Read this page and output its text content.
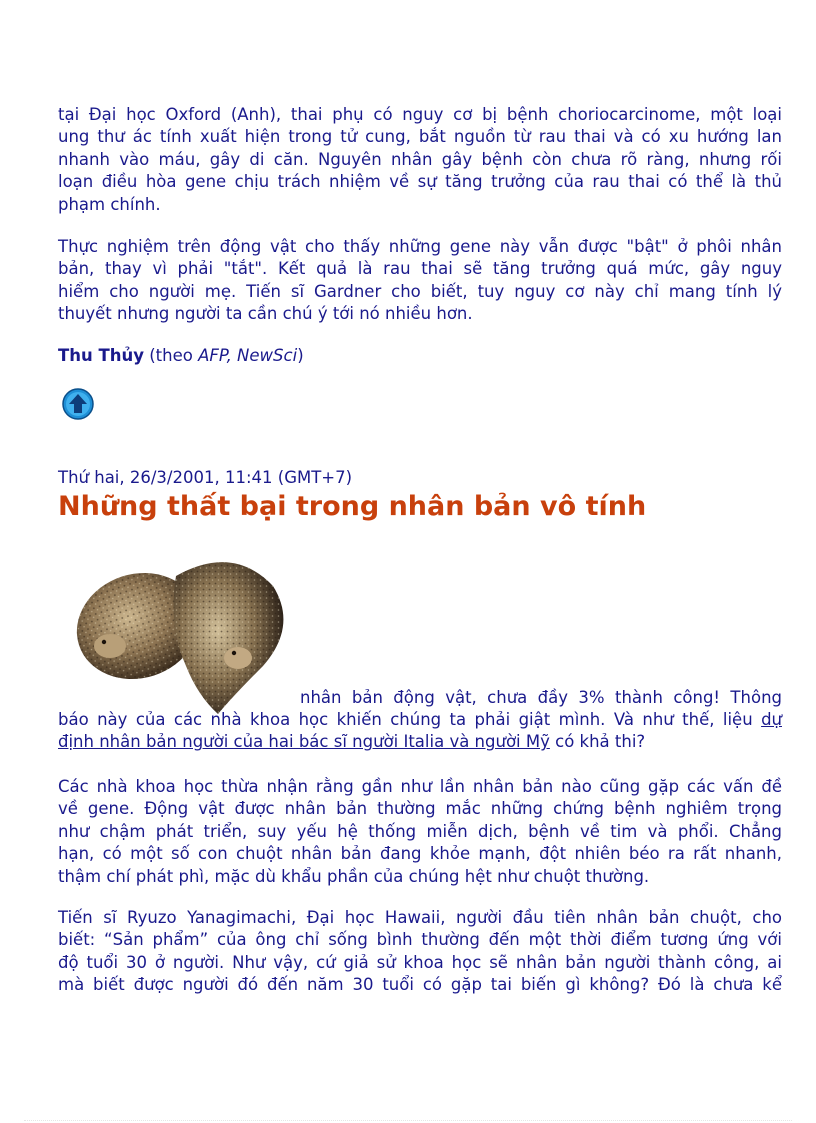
tại Đại học Oxford (Anh), thai phụ có nguy cơ bị bệnh choriocarcinome, một loại
ung thư ác tính xuất hiện trong tử cung, bắt nguồn từ rau thai và có xu hướng lan
nhanh vào máu, gây di căn. Nguyên nhân gây bệnh còn chưa rõ ràng, nhưng rối
loạn điều hòa gene chịu trách nhiệm về sự tăng trưởng của rau thai có thể là thủ
phạm chính.
Thực nghiệm trên động vật cho thấy những gene này vẫn được "bật" ở phôi nhân
bản, thay vì phải "tắt". Kết quả là rau thai sẽ tăng trưởng quá mức, gây nguy
hiểm cho người mẹ. Tiến sĩ Gardner cho biết, tuy nguy cơ này chỉ mang tính lý
thuyết nhưng người ta cần chú ý tới nó nhiều hơn.
Thu Thủy (theo AFP, NewSci)
Thứ hai, 26/3/2001, 11:41 (GMT+7)
Những thất bại trong nhân bản vô tính
nhân bản động vật, chưa đầy 3% thành công! Thông
báo này của các nhà khoa học khiến chúng ta phải giật mình. Và như thế, liệu dự
định nhân bản người của hai bác sĩ người Italia và người Mỹ có khả thi?
Các nhà khoa học thừa nhận rằng gần như lần nhân bản nào cũng gặp các vấn đề
về gene. Động vật được nhân bản thường mắc những chứng bệnh nghiêm trọng
như chậm phát triển, suy yếu hệ thống miễn dịch, bệnh về tim và phổi. Chẳng
hạn, có một số con chuột nhân bản đang khỏe mạnh, đột nhiên béo ra rất nhanh,
thậm chí phát phì, mặc dù khẩu phần của chúng hệt như chuột thường.
Tiến sĩ Ryuzo Yanagimachi, Đại học Hawaii, người đầu tiên nhân bản chuột, cho
biết: “Sản phẩm” của ông chỉ sống bình thường đến một thời điểm tương ứng với
độ tuổi 30 ở người. Như vậy, cứ giả sử khoa học sẽ nhân bản người thành công, ai
mà biết được người đó đến năm 30 tuổi có gặp tai biến gì không? Đó là chưa kể
